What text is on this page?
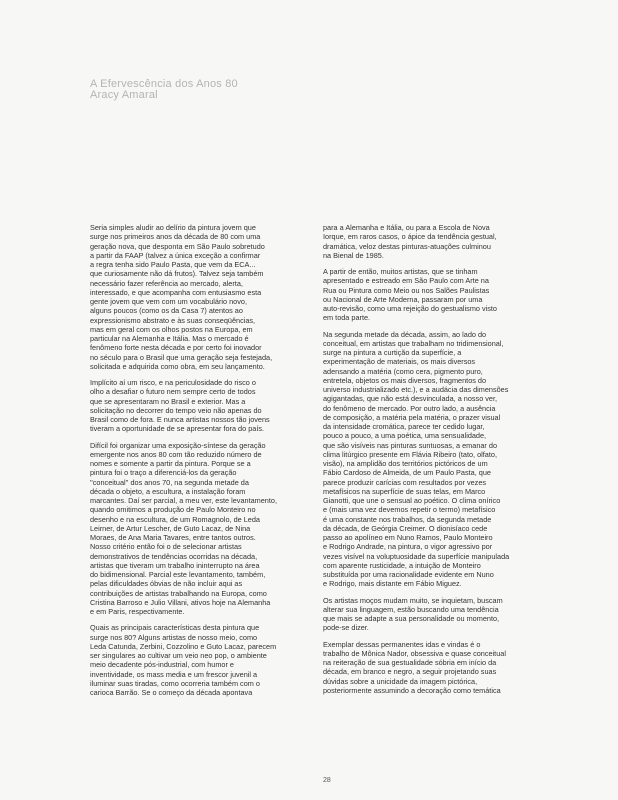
A Efervescência dos Anos 80
Aracy Amaral

Seria simples aludir ao delírio da pintura jovem que
surge nos primeiros anos da década de 80 com uma
geração nova, que desponta em São Paulo sobretudo
a partir da FAAP (talvez a única exceção a confirmar
a regra tenha sido Paulo Pasta, que vem da ECA...
que curiosamente não dá frutos). Talvez seja também
necessário fazer referência ao mercado, alerta,
interessado, e que acompanha com entusiasmo esta
gente jovem que vem com um vocabulário novo,
alguns poucos (como os da Casa 7) atentos ao
expressionismo abstrato e às suas conseqüências,
mas em geral com os olhos postos na Europa, em
particular na Alemanha e Itália. Mas o mercado é
fenômeno forte nesta década e por certo foi inovador
no século para o Brasil que uma geração seja festejada,
solicitada e adquirida como obra, em seu lançamento.

Implícito aí um risco, e na periculosidade do risco o
olho a desafiar o futuro nem sempre certo de todos
que se apresentaram no Brasil e exterior. Mas a
solicitação no decorrer do tempo veio não apenas do
Brasil como de fora. E nunca artistas nossos tão jovens
tiveram a oportunidade de se apresentar fora do país.

Difícil foi organizar uma exposição-síntese da geração
emergente nos anos 80 com tão reduzido número de
nomes e somente a partir da pintura. Porque se a
pintura foi o traço a diferenciá-los da geração
''conceitual'' dos anos 70, na segunda metade da
década o objeto, a escultura, a instalação foram
marcantes. Daí ser parcial, a meu ver, este levantamento,
quando omitimos a produção de Paulo Monteiro no
desenho e na escultura, de um Romagnolo, de Leda
Leirner, de Artur Lescher, de Guto Lacaz, de Nina
Moraes, de Ana Maria Tavares, entre tantos outros.
Nosso critério então foi o de selecionar artistas
demonstrativos de tendências ocorridas na década,
artistas que tiveram um trabalho ininterrupto na área
do bidimensional. Parcial este levantamento, também,
pelas dificuldades óbvias de não incluir aqui as
contribuições de artistas trabalhando na Europa, como
Cristina Barroso e Julio Villani, ativos hoje na Alemanha
e em Paris, respectivamente.

Quais as principais características desta pintura que
surge nos 80? Alguns artistas de nosso meio, como
Leda Catunda, Zerbini, Cozzolino e Guto Lacaz, parecem
ser singulares ao cultivar um veio neo pop, o ambiente
meio decadente pós-industrial, com humor e
inventividade, os mass media e um frescor juvenil a
iluminar suas tiradas, como ocorreria também com o
carioca Barrão. Se o começo da década apontava

para a Alemanha e Itália, ou para a Escola de Nova
Iorque, em raros casos, o ápice da tendência gestual,
dramática, veloz destas pinturas-atuações culminou
na Bienal de 1985.

A partir de então, muitos artistas, que se tinham
apresentado e estreado em São Paulo com Arte na
Rua ou Pintura como Meio ou nos Salões Paulistas
ou Nacional de Arte Moderna, passaram por uma
auto-revisão, como uma rejeição do gestualismo visto
em toda parte.

Na segunda metade da década, assim, ao lado do
conceitual, em artistas que trabalham no tridimensional,
surge na pintura a curtição da superfície, a
experimentação de materiais, os mais diversos
adensando a matéria (como cera, pigmento puro,
entretela, objetos os mais diversos, fragmentos do
universo industrializado etc.), e a audácia das dimensões
agigantadas, que não está desvinculada, a nosso ver,
do fenômeno de mercado. Por outro lado, a ausência
de composição, a matéria pela matéria, o prazer visual
da intensidade cromática, parece ter cedido lugar,
pouco a pouco, a uma poética, uma sensualidade,
que são visíveis nas pinturas suntuosas, a emanar do
clima litúrgico presente em Flávia Ribeiro (tato, olfato,
visão), na amplidão dos territórios pictóricos de um
Fábio Cardoso de Almeida, de um Paulo Pasta, que
parece produzir carícias com resultados por vezes
metafísicos na superfície de suas telas, em Marco
Gianotti, que une o sensual ao poético. O clima onírico
e (mais uma vez devemos repetir o termo) metafísico
é uma constante nos trabalhos, da segunda metade
da década, de Geórgia Creimer. O dionisíaco cede
passo ao apolíneo em Nuno Ramos, Paulo Monteiro
e Rodrigo Andrade, na pintura, o vigor agressivo por
vezes visível na voluptuosidade da superfície manipulada
com aparente rusticidade, a intuição de Monteiro
substituída por uma racionalidade evidente em Nuno
e Rodrigo, mais distante em Fábio Miguez.

Os artistas moços mudam muito, se inquietam, buscam
alterar sua linguagem, estão buscando uma tendência
que mais se adapte a sua personalidade ou momento,
pode-se dizer.

Exemplar dessas permanentes idas e vindas é o
trabalho de Mônica Nador, obsessiva e quase conceitual
na reiteração de sua gestualidade sóbria em início da
década, em branco e negro, a seguir projetando suas
dúvidas sobre a unicidade da imagem pictórica,
posteriormente assumindo a decoração como temática

28
